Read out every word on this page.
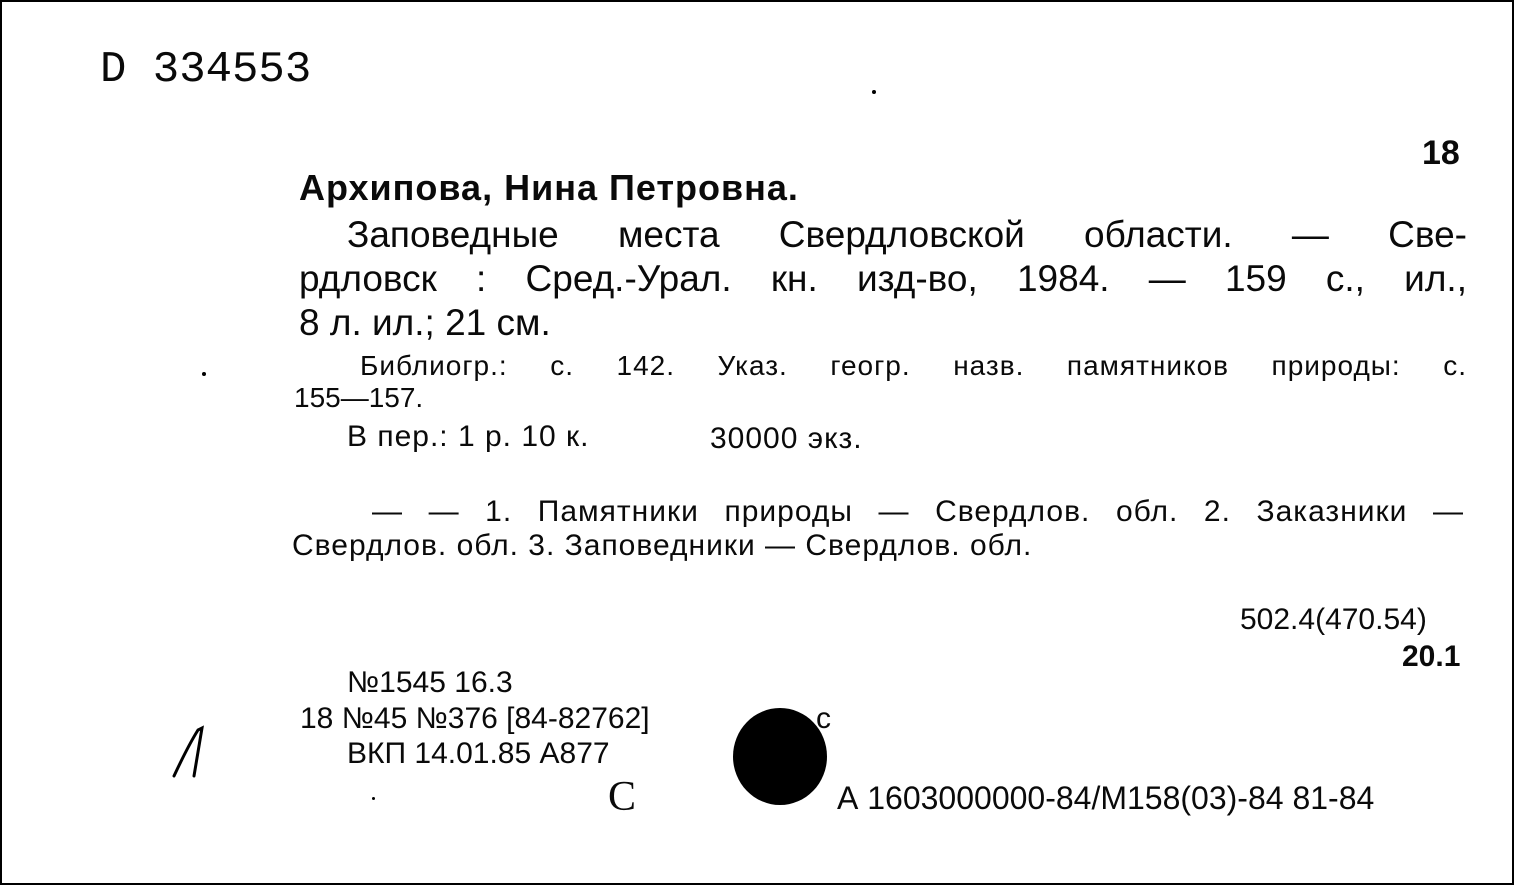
D 334553
18
Архипова, Нина Петровна.
Заповедные места Свердловской области. — Све-
рдловск : Сред.-Урал. кн. изд-во, 1984. — 159 с., ил.,
8 л. ил.; 21 см.
Библиогр.: с. 142. Указ. геогр. назв. памятников природы: с.
155—157.
В пер.: 1 р. 10 к.	30000 экз.
— — 1. Памятники природы — Свердлов. обл. 2. Заказники —
Свердлов. обл. 3. Заповедники — Свердлов. обл.
502.4(470.54)
20.1
№1545 16.3
18 №45 №376 [84-82762]
ВКП 14.01.85 А877
с
С	А 1603000000-84/М158(03)-84 81-84
